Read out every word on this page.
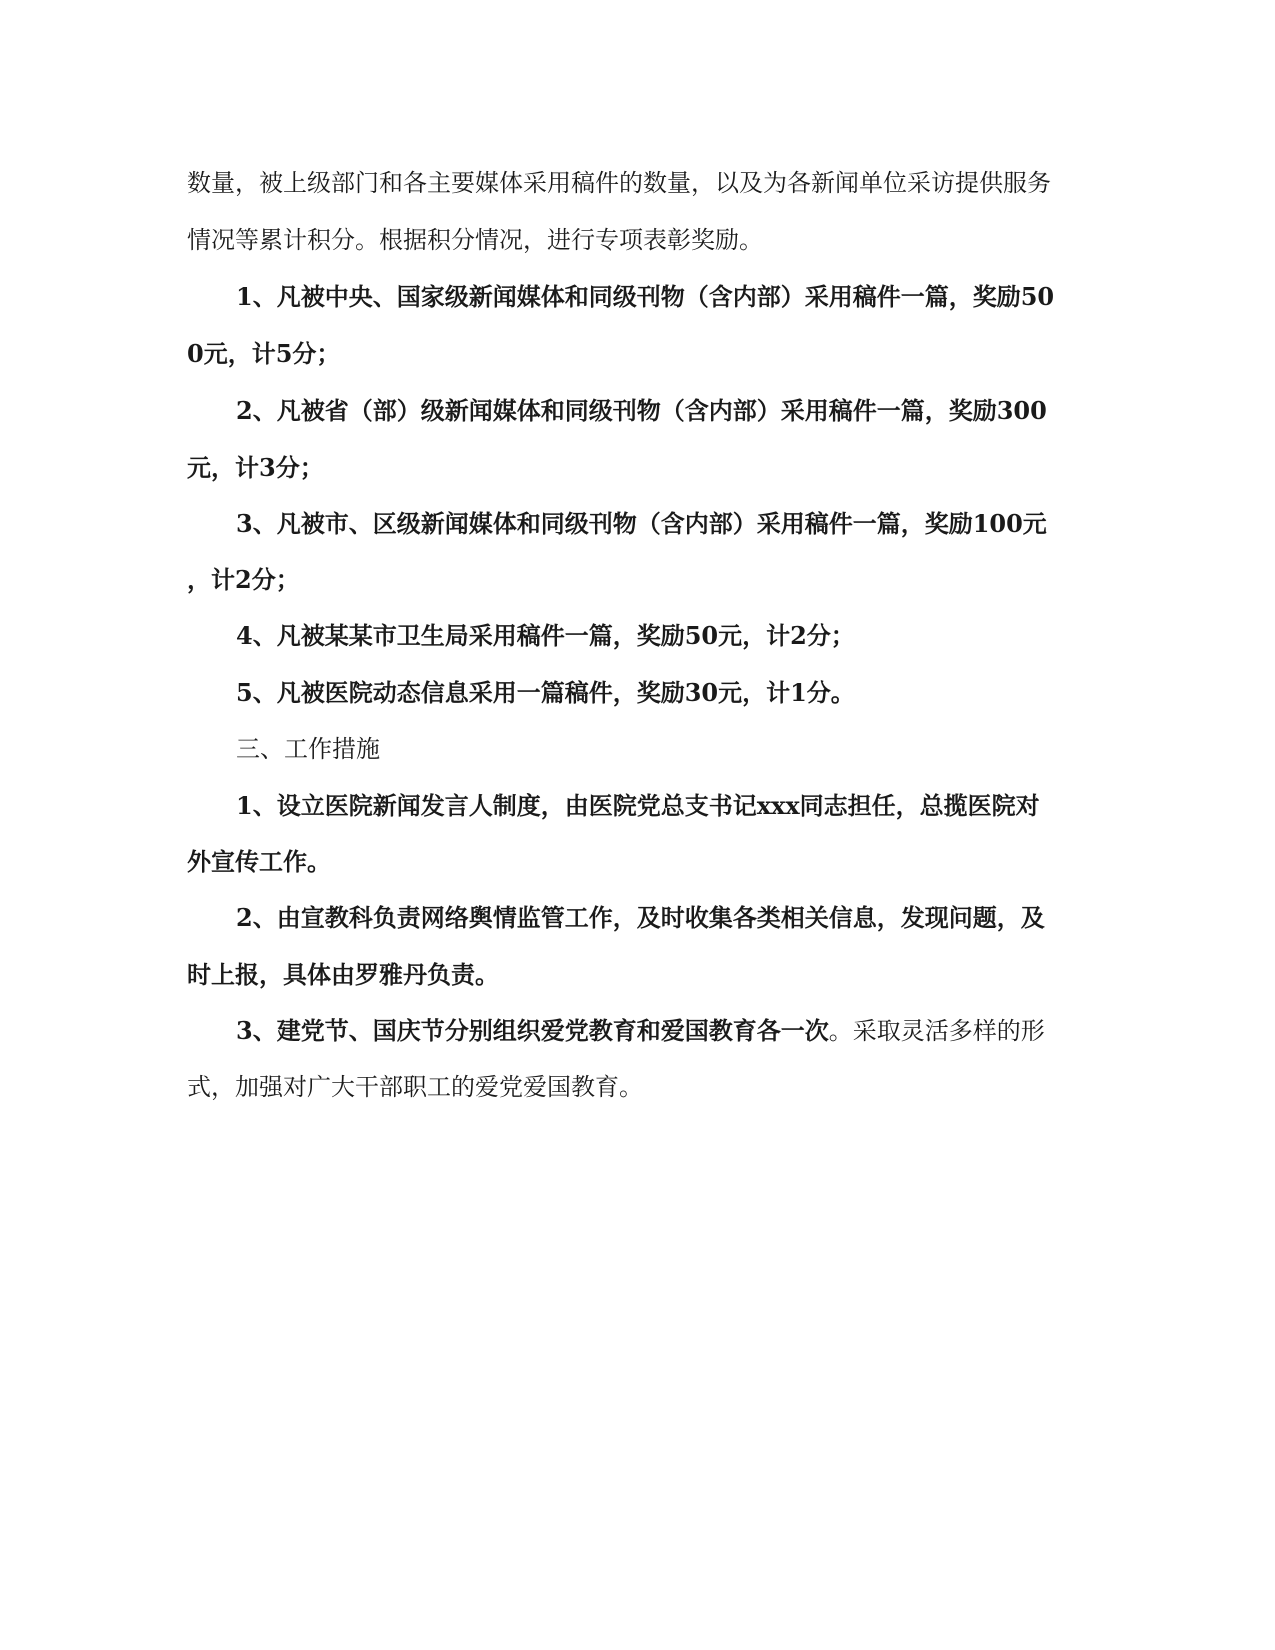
数量，被上级部门和各主要媒体采用稿件的数量，以及为各新闻单位采访提供服务
情况等累计积分。根据积分情况，进行专项表彰奖励。
1、凡被中央、国家级新闻媒体和同级刊物（含内部）采用稿件一篇，奖励50
0元，计5分；
2、凡被省（部）级新闻媒体和同级刊物（含内部）采用稿件一篇，奖励300
元，计3分；
3、凡被市、区级新闻媒体和同级刊物（含内部）采用稿件一篇，奖励100元
，计2分；
4、凡被某某市卫生局采用稿件一篇，奖励50元，计2分；
5、凡被医院动态信息采用一篇稿件，奖励30元，计1分。
三、工作措施
1、设立医院新闻发言人制度，由医院党总支书记xxx同志担任，总揽医院对
外宣传工作。
2、由宣教科负责网络舆情监管工作，及时收集各类相关信息，发现问题，及
时上报，具体由罗雅丹负责。
3、建党节、国庆节分别组织爱党教育和爱国教育各一次。采取灵活多样的形
式，加强对广大干部职工的爱党爱国教育。
